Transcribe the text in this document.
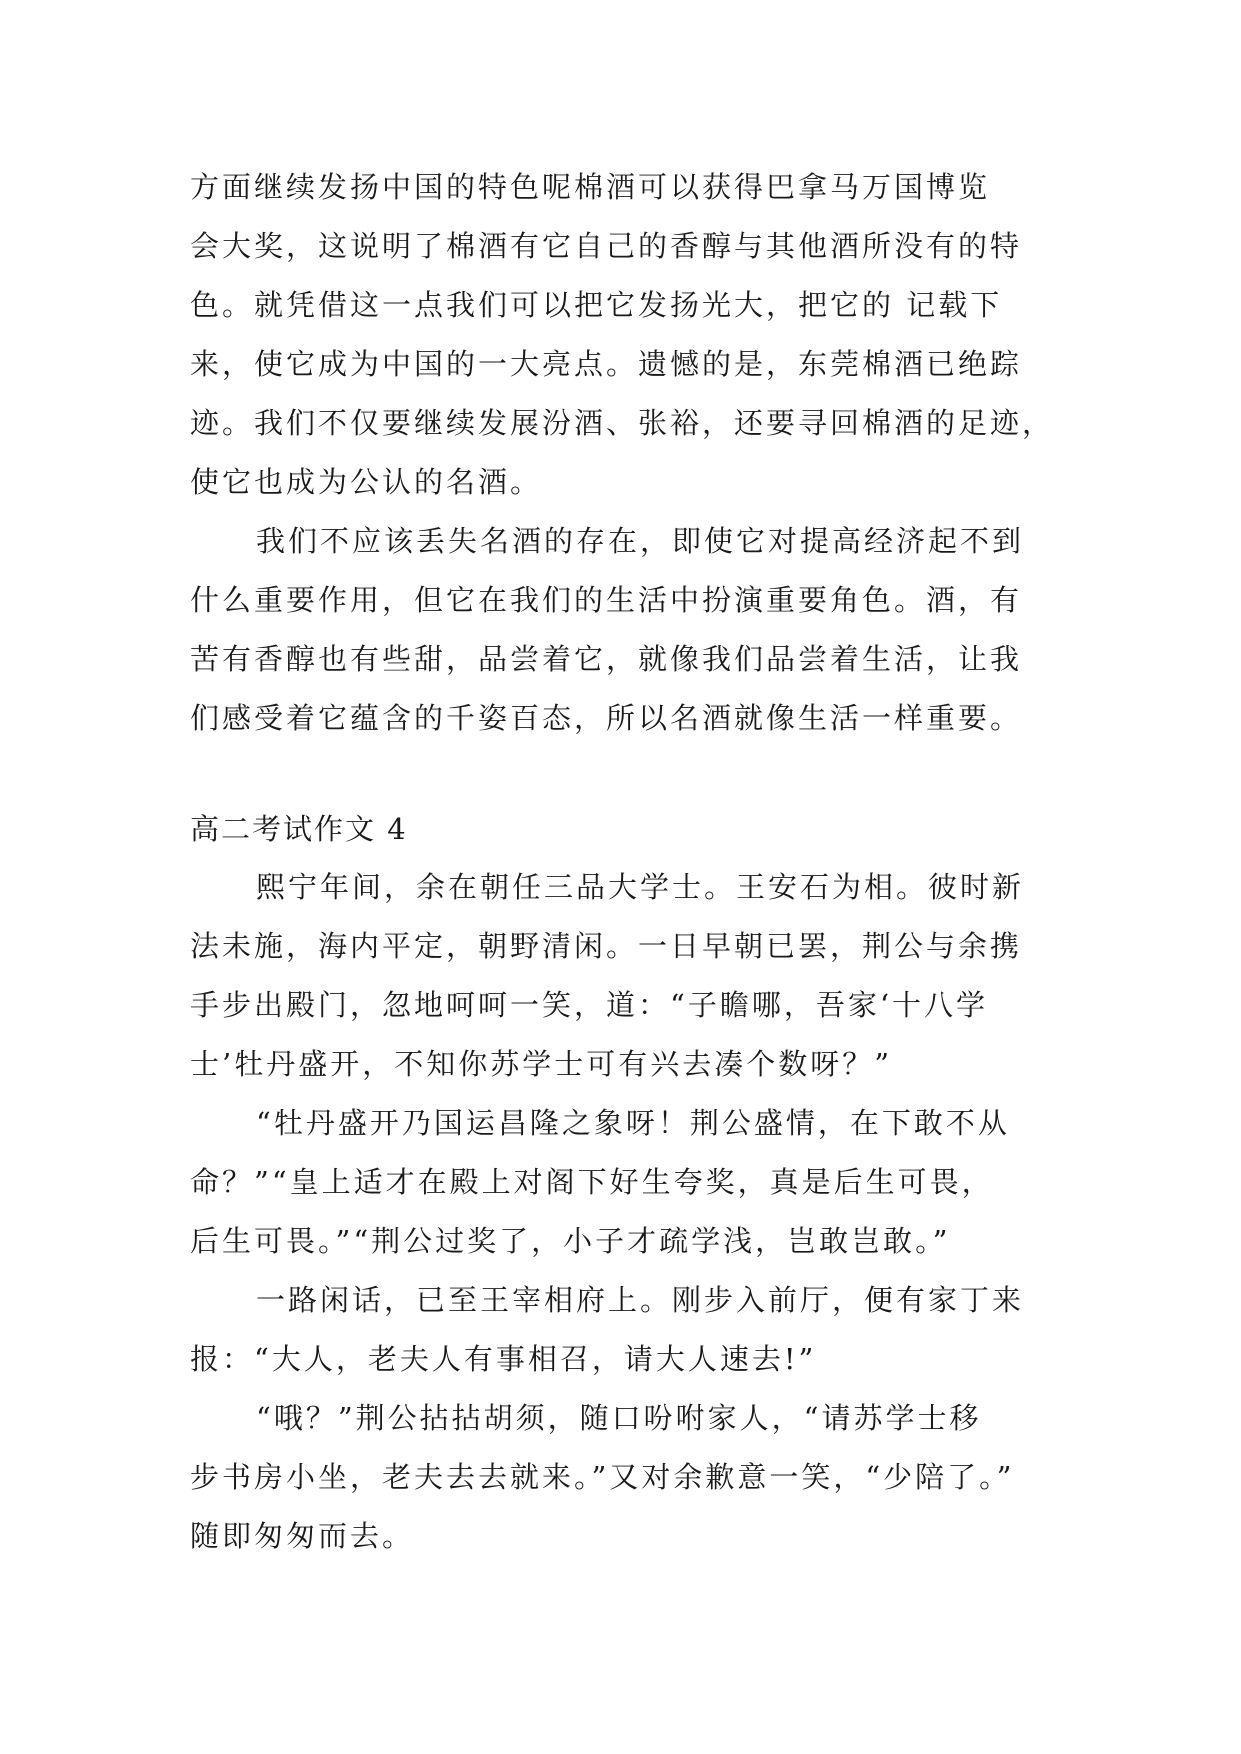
方面继续发扬中国的特色呢棉酒可以获得巴拿马万国博览
会大奖，这说明了棉酒有它自己的香醇与其他酒所没有的特
色。就凭借这一点我们可以把它发扬光大，把它的 记载下
来，使它成为中国的一大亮点。遗憾的是，东莞棉酒已绝踪
迹。我们不仅要继续发展汾酒、张裕，还要寻回棉酒的足迹，
使它也成为公认的名酒。
我们不应该丢失名酒的存在，即使它对提高经济起不到
什么重要作用，但它在我们的生活中扮演重要角色。酒，有
苦有香醇也有些甜，品尝着它，就像我们品尝着生活，让我
们感受着它蕴含的千姿百态，所以名酒就像生活一样重要。
高二考试作文 4
熙宁年间，余在朝任三品大学士。王安石为相。彼时新
法未施，海内平定，朝野清闲。一日早朝已罢，荆公与余携
手步出殿门，忽地呵呵一笑，道：“子瞻哪，吾家‘十八学
士’牡丹盛开，不知你苏学士可有兴去凑个数呀？”
“牡丹盛开乃国运昌隆之象呀！荆公盛情，在下敢不从
命？”“皇上适才在殿上对阁下好生夸奖，真是后生可畏，
后生可畏。”“荆公过奖了，小子才疏学浅，岂敢岂敢。”
一路闲话，已至王宰相府上。刚步入前厅，便有家丁来
报：“大人，老夫人有事相召，请大人速去!”
“哦？”荆公拈拈胡须，随口吩咐家人，“请苏学士移
步书房小坐，老夫去去就来。”又对余歉意一笑，“少陪了。”
随即匆匆而去。
